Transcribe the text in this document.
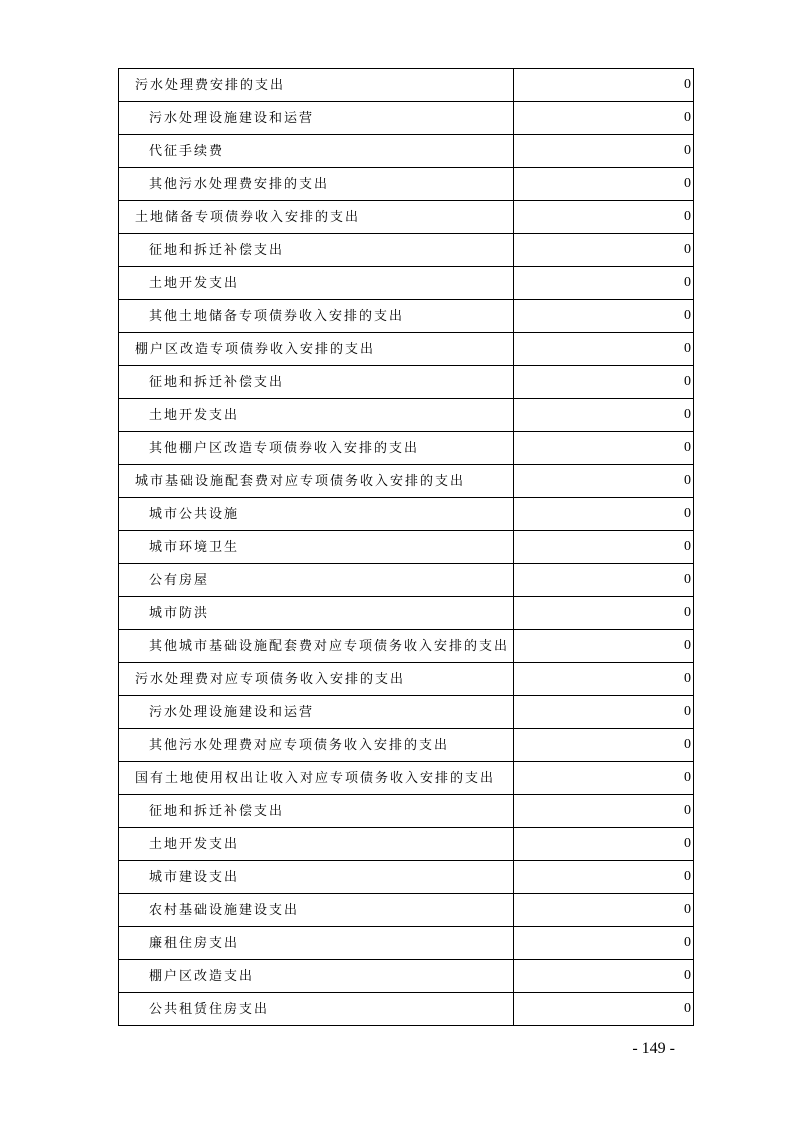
污水处理费安排的支出	0
污水处理设施建设和运营	0
代征手续费	0
其他污水处理费安排的支出	0
土地储备专项债券收入安排的支出	0
征地和拆迁补偿支出	0
土地开发支出	0
其他土地储备专项债券收入安排的支出	0
棚户区改造专项债券收入安排的支出	0
征地和拆迁补偿支出	0
土地开发支出	0
其他棚户区改造专项债券收入安排的支出	0
城市基础设施配套费对应专项债务收入安排的支出	0
城市公共设施	0
城市环境卫生	0
公有房屋	0
城市防洪	0
其他城市基础设施配套费对应专项债务收入安排的支出	0
污水处理费对应专项债务收入安排的支出	0
污水处理设施建设和运营	0
其他污水处理费对应专项债务收入安排的支出	0
国有土地使用权出让收入对应专项债务收入安排的支出	0
征地和拆迁补偿支出	0
土地开发支出	0
城市建设支出	0
农村基础设施建设支出	0
廉租住房支出	0
棚户区改造支出	0
公共租赁住房支出	0
- 149 -
